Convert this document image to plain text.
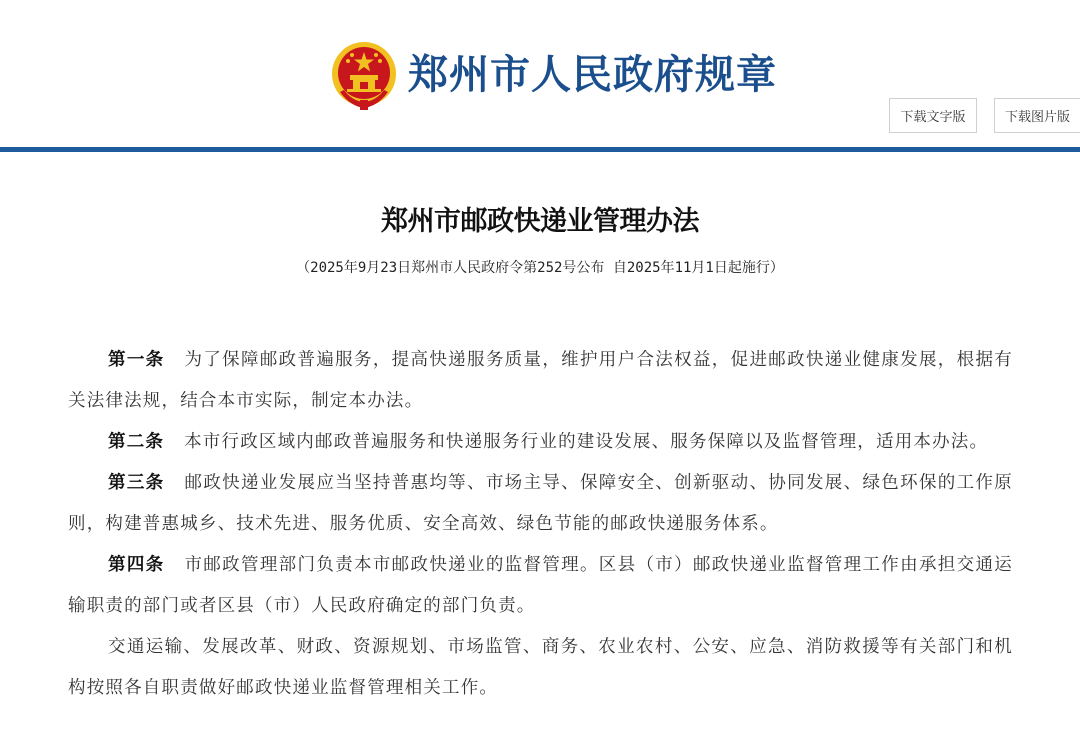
郑州市人民政府规章
下载文字版	下载图片版
郑州市邮政快递业管理办法
（2025年9月23日郑州市人民政府令第252号公布 自2025年11月1日起施行）

第一条 为了保障邮政普遍服务，提高快递服务质量，维护用户合法权益，促进邮政快递业健康发展，根据有关法律法规，结合本市实际，制定本办法。

第二条 本市行政区域内邮政普遍服务和快递服务行业的建设发展、服务保障以及监督管理，适用本办法。

第三条 邮政快递业发展应当坚持普惠均等、市场主导、保障安全、创新驱动、协同发展、绿色环保的工作原则，构建普惠城乡、技术先进、服务优质、安全高效、绿色节能的邮政快递服务体系。

第四条 市邮政管理部门负责本市邮政快递业的监督管理。区县（市）邮政快递业监督管理工作由承担交通运输职责的部门或者区县（市）人民政府确定的部门负责。

交通运输、发展改革、财政、资源规划、市场监管、商务、农业农村、公安、应急、消防救援等有关部门和机构按照各自职责做好邮政快递业监督管理相关工作。
